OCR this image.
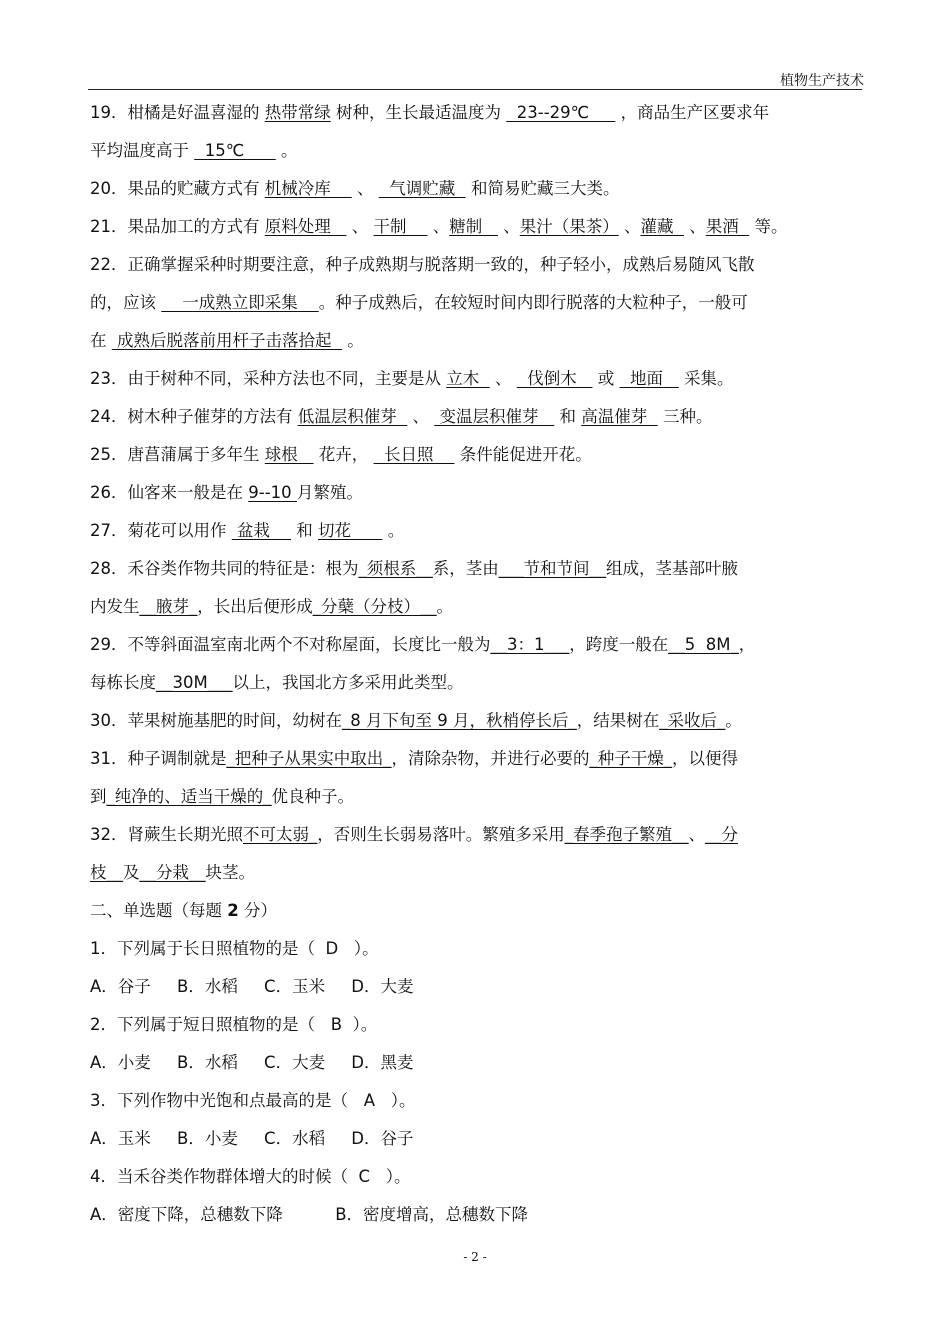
植物生产技术
19．柑橘是好温喜湿的 热带常绿 树种，生长最适温度为   23--29℃      ，商品生产区要求年
平均温度高于   15℃       。
20．果品的贮藏方式有 机械冷库     、   气调贮藏   和简易贮藏三大类。
21．果品加工的方式有 原料处理    、 干制     、糖制    、果汁（果茶） 、灌藏   、果酒   等。
22．正确掌握采种时期要注意，种子成熟期与脱落期一致的，种子轻小，成熟后易随风飞散
的，应该     一成熟立即采集    。种子成熟后，在较短时间内即行脱落的大粒种子，一般可
在  成熟后脱落前用杆子击落拾起   。
23．由于树种不同，采种方法也不同，主要是从 立木   、   伐倒木    或   地面    采集。
24．树木种子催芽的方法有 低温层积催芽   、  变温层积催芽    和 高温催芽   三种。
25．唐菖蒲属于多年生 球根    花卉，   长日照     条件能促进开花。
26．仙客来一般是在 9--10 月繁殖。
27．菊花可以用作  盆栽     和 切花       。
28．禾谷类作物共同的特征是：根为_须根系__系，茎由___节和节间__组成，茎基部叶腋
内发生__腋芽_，长出后便形成_分蘖（分枝）__。
29．不等斜面温室南北两个不对称屋面，长度比一般为__3：1___，跨度一般在__5  8M_，
每栋长度__30M___以上，我国北方多采用此类型。
30．苹果树施基肥的时间，幼树在_8 月下旬至 9 月，秋梢停长后_，结果树在_采收后_。
31．种子调制就是_把种子从果实中取出_，清除杂物，并进行必要的_种子干燥_，以便得
到_纯净的、适当干燥的_优良种子。
32．肾蕨生长期光照不可太弱_，否则生长弱易落叶。繁殖多采用_春季孢子繁殖__、__分
枝__及__分栽__块茎。
二、单选题（每题 2 分）
1．下列属于长日照植物的是（  D   ）。
A．谷子     B．水稻     C．玉米     D．大麦
2．下列属于短日照植物的是（   B  ）。
A．小麦     B．水稻     C．大麦     D．黑麦
3．下列作物中光饱和点最高的是（   A   ）。
A．玉米     B．小麦     C．水稻     D．谷子
4．当禾谷类作物群体增大的时候（  C   ）。
A．密度下降，总穗数下降          B．密度增高，总穗数下降
- 2 -
